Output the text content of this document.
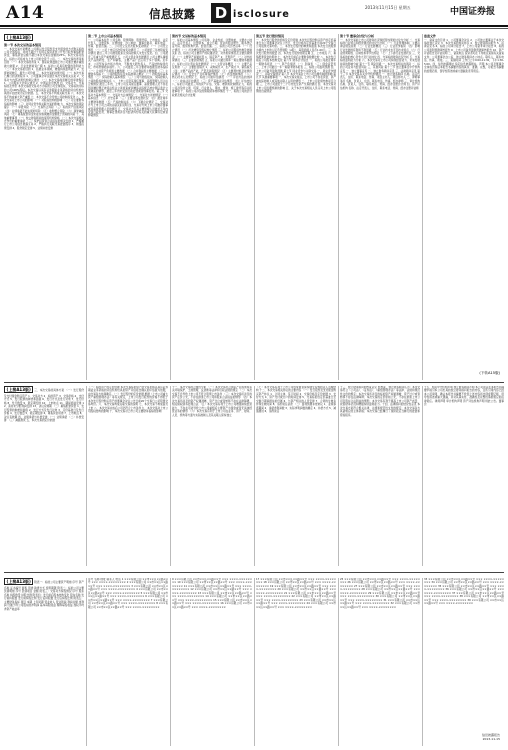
A14	信息披露 D isclosure
2013年11月15日 星期五	中国证券报
(上接A13版)
第一节 本次交易的基本情况
一、本次交易方案概述 公司拟以发行股份及支付现金的方式购买标的公司全部股权，并向不超过十名特定投资者非公开发行股份募集配套资金，募集资金总额不超过本次交易总金额的25%。本次交易完成后，标的公司将成为上市公司的全资子公司。二、本次交易的背景和目的 （一）本次交易的背景 1、国家政策鼓励上市公司通过兼并重组做大做强 2、行业发展前景广阔 3、标的公司具有较强的盈利能力 （二）本次交易的目的 1、拓展业务领域，增强持续盈利能力 2、发挥协同效应，提升公司价值 三、本次交易的决策过程 （一）本次交易已履行的决策程序 1、公司董事会审议通过本次交易相关议案 2、交易对方内部决策机构审议通过 （二）本次交易尚需履行的审批程序 1、公司股东大会审议通过 2、中国证监会核准 四、交易对方、交易标的及作价 本次交易的交易对方为标的公司全体股东，交易标的为标的公司100%股权。本次交易以具有证券期货业务资格的评估机构出具的评估结果为定价依据。五、本次交易不构成关联交易 六、本次交易不构成重大资产重组 七、本次交易不会导致公司控制权变化 八、本次交易对上市公司的影响 （一）对股权结构的影响 （二）对主要财务指标的影响 （三）对同业竞争和关联交易的影响 九、本次交易的风险提示 （一）审批风险 （二）交易终止风险 （三）标的资产估值风险 （四）业绩承诺不能实现的风险 （五）收购整合风险 （六）商誉减值风险 （七）募集配套资金未能实施或融资金额低于预期的风险 十、其他重要事项 （一）独立财务顾问的保荐机构资格 （二）本次交易相关方作出的重要承诺 （三）保护投资者合法权益的相关安排 1、严格履行上市公司信息披露义务 2、严格执行关联交易批准程序 3、网络投票安排 4、股份锁定安排 5、业绩补偿安排
第二节 上市公司基本情况
一、公司基本信息 公司名称、股票简称、股票代码、上市地点、法定代表人、注册资本、注册地址、办公地址、董事会秘书、联系电话、传真、经营范围。二、公司设立及历次股本变动情况 （一）公司设立情况 （二）公司上市后历次股本变动情况 三、公司最近三年控股权变动情况 最近三年公司控股股东及实际控制人未发生变化。四、公司最近三年重大资产重组情况 五、公司主营业务发展情况 公司主要从事相关产品的研发、生产和销售，主要产品广泛应用于多个领域。近年来，公司坚持以市场为导向，不断加大研发投入，产品结构持续优化，市场份额稳步提升。六、公司最近三年主要财务数据及财务指标 （一）合并资产负债表主要数据 （二）合并利润表主要数据 （三）主要财务指标 七、公司控股股东及实际控制人概况 （一）控股股东基本情况 （二）实际控制人基本情况 （三）公司与控股股东、实际控制人之间的股权控制关系 八、上市公司及其现任董事、高级管理人员合法合规情况 最近三年内，上市公司及其现任董事、高级管理人员不存在因涉嫌犯罪正被司法机关立案侦查或涉嫌违法违规正被中国证监会立案调查的情形，最近三年内未受到行政处罚或者刑事处罚。第三节 交易对方基本情况 一、交易对方总体情况 二、交易对方详细情况 （一）基本信息 （二）历史沿革 （三）主要业务发展状况 （四）最近两年主要财务数据 （五）产权控制关系 （六）下属企业情况 三、交易对方与上市公司之间的关联关系说明 四、交易对方向上市公司推荐董事或者高级管理人员的情况 五、交易对方及其主要管理人员最近五年内受到行政处罚、刑事处罚或涉及与经济纠纷有关的重大民事诉讼或者仲裁情况
第四节 交易标的基本情况
一、标的公司基本情况 公司名称、企业性质、注册地址、主要办公地点、法定代表人、注册资本、成立日期、营业执照注册号、税务登记证号码、组织机构代码、经营范围。二、标的公司历史沿革 （一）设立情况 （二）历次增资及股权转让情况 三、标的公司股权结构及控制关系 四、标的公司主要资产的权属状况、对外担保情况及主要负债情况 （一）主要资产权属状况 1、固定资产 2、无形资产 （二）对外担保情况 （三）主要负债情况 五、标的公司最近两年一期主要财务数据 六、标的公司主营业务发展情况 （一）主营业务概况 （二）主要产品及用途 （三）主要经营模式 1、采购模式 2、生产模式 3、销售模式 （四）主要产品的产能、产量及销售情况 （五）主要原材料及能源供应情况 （六）安全生产及环境保护情况 （七）质量控制情况 （八）核心技术人员情况 七、标的公司的评估情况 （一）评估方法的选择 （二）收益法评估情况 （三）资产基础法评估情况 （四）评估结论 八、标的公司最近三年的资产评估、交易、增资或改制情况 九、标的公司涉及的立项、环保、行业准入、用地、规划、施工建设等有关报批事项 十、标的公司涉及的债权债务转移情况 十一、标的公司的会计政策及相关会计处理
第五节 发行股份情况
一、本次发行股份的价格及定价原则 本次发行股份购买资产的定价基准日为公司董事会决议公告日，发行价格为定价基准日前20个交易日公司股票交易均价。二、本次发行股份的种类和面值 本次发行的股票为境内上市的人民币普通股（A股），每股面值人民币1.00元。三、本次发行股份的数量 四、本次发行股份的锁定期 五、上市地点 六、募集配套资金的用途 七、本次发行前后主要财务数据比较 八、本次发行前后公司股本结构变化 第六节 财务会计信息 一、标的公司最近两年一期财务报表 （一）资产负债表 （二）利润表 （三）现金流量表 二、上市公司最近一年一期备考财务报表 三、标的公司盈利预测 四、上市公司备考盈利预测 第七节 同业竞争与关联交易 一、同业竞争情况 二、关联交易情况 第八节 本次交易对上市公司治理机制的影响 第九节 其他重要事项 一、本次交易完成后，上市公司不存在资金、资产被实际控制人或其他关联人占用的情形 二、上市公司负债结构是否合理 三、上市公司最近十二个月内发生资产交易的情况 四、本次交易对上市公司治理机制的影响 五、关于本次交易相关人员买卖上市公司股票的自查情况
第十节 董事会讨论与分析
一、本次交易前上市公司财务状况和经营成果的讨论与分析 二、交易标的行业特点和经营情况的讨论与分析 （一）行业管理体制、主要法律法规及政策 （二）行业发展概况 （三）行业竞争格局 （四）影响行业发展的有利和不利因素 （五）行业技术水平及技术特点 （六）行业的周期性、区域性和季节性特征 （七）上下游行业发展状况 三、交易标的的核心竞争力及行业地位 四、交易标的财务状况分析 五、交易标的盈利能力分析 六、本次交易对上市公司持续经营能力、未来发展前景的影响分析 第十一节 风险因素 一、本次交易相关的风险 二、标的公司业务与经营风险 三、其他风险 第十二节 独立董事及中介机构意见 一、独立董事意见 二、独立财务顾问意见 三、法律顾问意见 第十三节 本次交易有关中介机构情况 一、独立财务顾问 名称、法定代表人、住所、联系电话、传真、项目主办人、项目协办人 二、律师事务所 名称、负责人、住所、联系电话、传真、经办律师 三、审计机构 名称、负责人、住所、联系电话、传真、经办注册会计师 四、资产评估机构 名称、法定代表人、住所、联系电话、传真、经办注册评估师
备查文件
一、备查文件目录 1、公司董事会决议 2、公司独立董事关于本次交易的独立意见 3、本次交易的相关协议 4、独立财务顾问报告 5、法律意见书 6、标的公司审计报告 7、上市公司备考审计报告 8、标的公司盈利预测审核报告 9、上市公司备考盈利预测审核报告 10、资产评估报告及评估说明 二、备查地点 投资者可在下列地点查阅有关备查文件：公司董事会办公室、独立财务顾问办公地点。联系人、联系电话、传真、地址。三、查阅时间 工作日上午9:00-11:30，下午1:30-5:00。四、信息披露网址 指定信息披露网站。声明 本公司及董事会全体成员保证本报告书摘要内容的真实、准确、完整，对报告书摘要的虚假记载、误导性陈述或重大遗漏负连带责任。
(下转A15版)
(上接A13版) 三、本次交易的具体方案 （一）发行股份及支付现金购买资产 1、交易对方 2、标的资产 3、交易价格 4、支付方式 5、发行股票的种类和面值 6、发行方式及发行对象 7、发行价格 8、发行数量 9、锁定期安排 10、上市地点 11、期间损益安排 12、滚存未分配利润安排 13、决议有效期 （二）募集配套资金 1、发行股票的种类和面值 2、发行方式及发行对象 3、定价基准日及发行价格 4、发行数量 5、锁定期安排 6、募集资金用途 7、上市地点 8、决议有效期 四、业绩承诺与补偿安排 （一）业绩承诺 （二）补偿安排 （三）减值测试 五、本次交易的定价依据
（一）标的资产的定价依据 本次交易标的资产的交易价格以具有证券期货业务资格的评估机构出具的资产评估报告确认的评估值为依据，由交易各方协商确定。（二）发行股份的定价依据 根据《上市公司重大资产重组管理办法》等有关规定，上市公司发行股份的价格不得低于本次发行股份购买资产的董事会决议公告日前20个交易日公司股票交易均价。六、本次交易构成关联交易的说明 七、本次交易不构成借壳上市 八、本次交易完成后公司仍符合上市条件 九、本次交易对上市公司股权结构的影响 十、本次交易对上市公司主要财务指标的影响
十一、本次交易的合规性分析 （一）本次交易符合国家产业政策和有关环境保护、土地管理、反垄断等法律和行政法规的规定 （二）本次交易不会导致上市公司不符合股票上市条件 （三）本次交易所涉及的资产定价公允，不存在损害上市公司和股东合法权益的情形 （四）本次交易所涉及的资产权属清晰，资产过户或者转移不存在法律障碍，相关债权债务处理合法 （五）本次交易有利于上市公司增强持续经营能力，不存在可能导致上市公司重组后主要资产为现金或者无具体经营业务的情形 （六）本次交易有利于上市公司在业务、资产、财务、人员、机构等方面与实际控制人及其关联人保持独立
（七）本次交易有利于上市公司形成或者保持健全有效的法人治理结构 十二、本次交易相关协议的主要内容 （一）发行股份及支付现金购买资产协议 1、合同主体、签订时间 2、交易价格及定价依据 3、支付方式 4、资产交付或过户的时间安排 5、交易标的自定价基准日至交割日期间损益的归属 6、与资产相关的人员安排 7、合同的生效条件和生效时间 8、违约责任条款 （二）盈利预测补偿协议 1、业绩承诺期间 2、承诺净利润数 3、实际净利润数的确定 4、补偿方式 5、减值测试 6、违约责任
十三、独立财务顾问的核查意见 经核查，独立财务顾问认为：本次交易符合《公司法》、《证券法》、《重组管理办法》等法律、法规和规范性文件的规定；本次交易所涉及的标的资产权属清晰，资产过户或者转移不存在法律障碍；本次交易的定价原则公允，不存在损害上市公司及股东合法利益的情形；本次交易有利于提高上市公司资产质量、改善财务状况和增强持续盈利能力。十四、法律顾问的结论性意见 本次交易方案符合相关法律、法规和规范性文件的规定；本次交易各方具备相应的主体资格；本次交易已经履行了现阶段应当履行的批准和授权程序。
十五、相关中介机构声明 独立财务顾问声明 本公司同意在本报告书摘要中援引本公司出具的独立财务顾问报告的内容，且所引用内容已经本公司审阅，确认本报告书摘要不致因上述内容而出现虚假记载、误导性陈述或重大遗漏，并对其真实性、准确性及完整性承担相应的法律责任。律师声明 审计机构声明 资产评估机构声明 特此公告。董事会
(上接A13版) 附表一：标的公司主要资产明细 序号 资产名称 证书编号 面积 用途 取得方式 使用期限 附表二：标的公司主要负债明细 序号 负债项目 金额 附表三：交易对方持股情况 序号 股东名称 持股数量 持股比例 附表四：发行前后股本结构变化 股东名称 发行前持股数 发行前持股比例 发行后持股数 发行后持股比例 附表五：主要财务指标 项目 本期 上年同期 营业收入 营业利润 利润总额 净利润 归属于母公司股东的净利润 基本每股收益 稀释每股收益 加权平均净资产收益率
序号 名称 地址 联系人 电话 1 ×××有限公司 ××市××区××路××号 ××× ××××-×××××××× 2 ×××有限公司 ××市××区××路××号 ××× ××××-×××××××× 3 ×××有限公司 ××市××区××路××号 ××× ××××-×××××××× 4 ×××有限公司 ××市××区××路××号 ××× ××××-×××××××× 5 ×××有限公司 ××市××区××路××号 ××× ××××-×××××××× 6 ×××有限公司 ××市××区××路××号 ××× ××××-×××××××× 7 ×××有限公司 ××市××区××路××号 ××× ××××-×××××××× 8 ×××有限公司 ××市××区××路××号 ××× ××××-××××××××
9 ×××有限公司 ××市××区××路××号 ××× ××××-×××××××× 10 ×××有限公司 ××市××区××路××号 ××× ××××-×××××××× 11 ×××有限公司 ××市××区××路××号 ××× ××××-×××××××× 12 ×××有限公司 ××市××区××路××号 ××× ××××-×××××××× 13 ×××有限公司 ××市××区××路××号 ××× ××××-×××××××× 14 ×××有限公司 ××市××区××路××号 ××× ××××-×××××××× 15 ×××有限公司 ××市××区××路××号 ××× ××××-×××××××× 16 ×××有限公司 ××市××区××路××号 ××× ××××-××××××××
17 ×××有限公司 ××市××区××路××号 ××× ××××-×××××××× 18 ×××有限公司 ××市××区××路××号 ××× ××××-×××××××× 19 ×××有限公司 ××市××区××路××号 ××× ××××-×××××××× 20 ×××有限公司 ××市××区××路××号 ××× ××××-×××××××× 21 ×××有限公司 ××市××区××路××号 ××× ××××-×××××××× 22 ×××有限公司 ××市××区××路××号 ××× ××××-×××××××× 23 ×××有限公司 ××市××区××路××号 ××× ××××-×××××××× 24 ×××有限公司 ××市××区××路××号 ××× ××××-××××××××
25 ×××有限公司 ××市××区××路××号 ××× ××××-×××××××× 26 ×××有限公司 ××市××区××路××号 ××× ××××-×××××××× 27 ×××有限公司 ××市××区××路××号 ××× ××××-×××××××× 28 ×××有限公司 ××市××区××路××号 ××× ××××-×××××××× 29 ×××有限公司 ××市××区××路××号 ××× ××××-×××××××× 30 ×××有限公司 ××市××区××路××号 ××× ××××-×××××××× 31 ×××有限公司 ××市××区××路××号 ××× ××××-×××××××× 32 ×××有限公司 ××市××区××路××号 ××× ××××-××××××××
33 ×××有限公司 ××市××区××路××号 ××× ××××-×××××××× 34 ×××有限公司 ××市××区××路××号 ××× ××××-×××××××× 35 ×××有限公司 ××市××区××路××号 ××× ××××-×××××××× 36 ×××有限公司 ××市××区××路××号 ××× ××××-×××××××× 37 ×××有限公司 ××市××区××路××号 ××× ××××-×××××××× 38 ×××有限公司 ××市××区××路××号 ××× ××××-×××××××× 39 ×××有限公司 ××市××区××路××号 ××× ××××-××××××××
信息披露报告
2013-11-15
